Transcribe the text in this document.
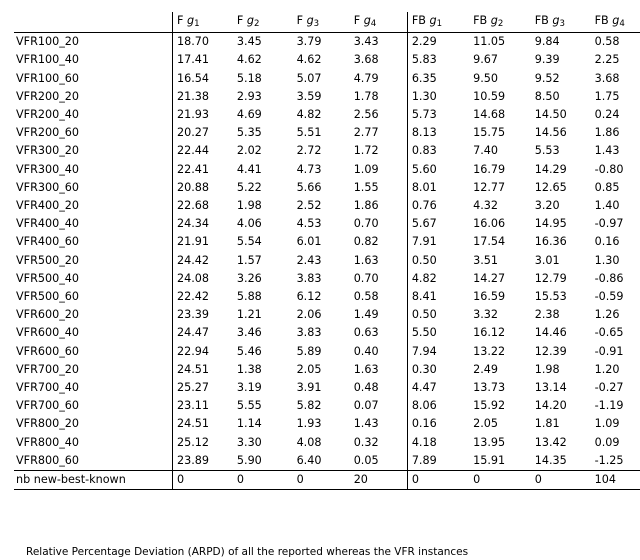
	F g1	F g2	F g3	F g4	FB g1	FB g2	FB g3	FB g4
VFR100_20	18.70	3.45	3.79	3.43	2.29	11.05	9.84	0.58
VFR100_40	17.41	4.62	4.62	3.68	5.83	9.67	9.39	2.25
VFR100_60	16.54	5.18	5.07	4.79	6.35	9.50	9.52	3.68
VFR200_20	21.38	2.93	3.59	1.78	1.30	10.59	8.50	1.75
VFR200_40	21.93	4.69	4.82	2.56	5.73	14.68	14.50	0.24
VFR200_60	20.27	5.35	5.51	2.77	8.13	15.75	14.56	1.86
VFR300_20	22.44	2.02	2.72	1.72	0.83	7.40	5.53	1.43
VFR300_40	22.41	4.41	4.73	1.09	5.60	16.79	14.29	-0.80
VFR300_60	20.88	5.22	5.66	1.55	8.01	12.77	12.65	0.85
VFR400_20	22.68	1.98	2.52	1.86	0.76	4.32	3.20	1.40
VFR400_40	24.34	4.06	4.53	0.70	5.67	16.06	14.95	-0.97
VFR400_60	21.91	5.54	6.01	0.82	7.91	17.54	16.36	0.16
VFR500_20	24.42	1.57	2.43	1.63	0.50	3.51	3.01	1.30
VFR500_40	24.08	3.26	3.83	0.70	4.82	14.27	12.79	-0.86
VFR500_60	22.42	5.88	6.12	0.58	8.41	16.59	15.53	-0.59
VFR600_20	23.39	1.21	2.06	1.49	0.50	3.32	2.38	1.26
VFR600_40	24.47	3.46	3.83	0.63	5.50	16.12	14.46	-0.65
VFR600_60	22.94	5.46	5.89	0.40	7.94	13.22	12.39	-0.91
VFR700_20	24.51	1.38	2.05	1.63	0.30	2.49	1.98	1.20
VFR700_40	25.27	3.19	3.91	0.48	4.47	13.73	13.14	-0.27
VFR700_60	23.11	5.55	5.82	0.07	8.06	15.92	14.20	-1.19
VFR800_20	24.51	1.14	1.93	1.43	0.16	2.05	1.81	1.09
VFR800_40	25.12	3.30	4.08	0.32	4.18	13.95	13.42	0.09
VFR800_60	23.89	5.90	6.40	0.05	7.89	15.91	14.35	-1.25
nb new-best-known	0	0	0	20	0	0	0	104
Relative Percentage Deviation (ARPD) of all the reported whereas the VFR instances
